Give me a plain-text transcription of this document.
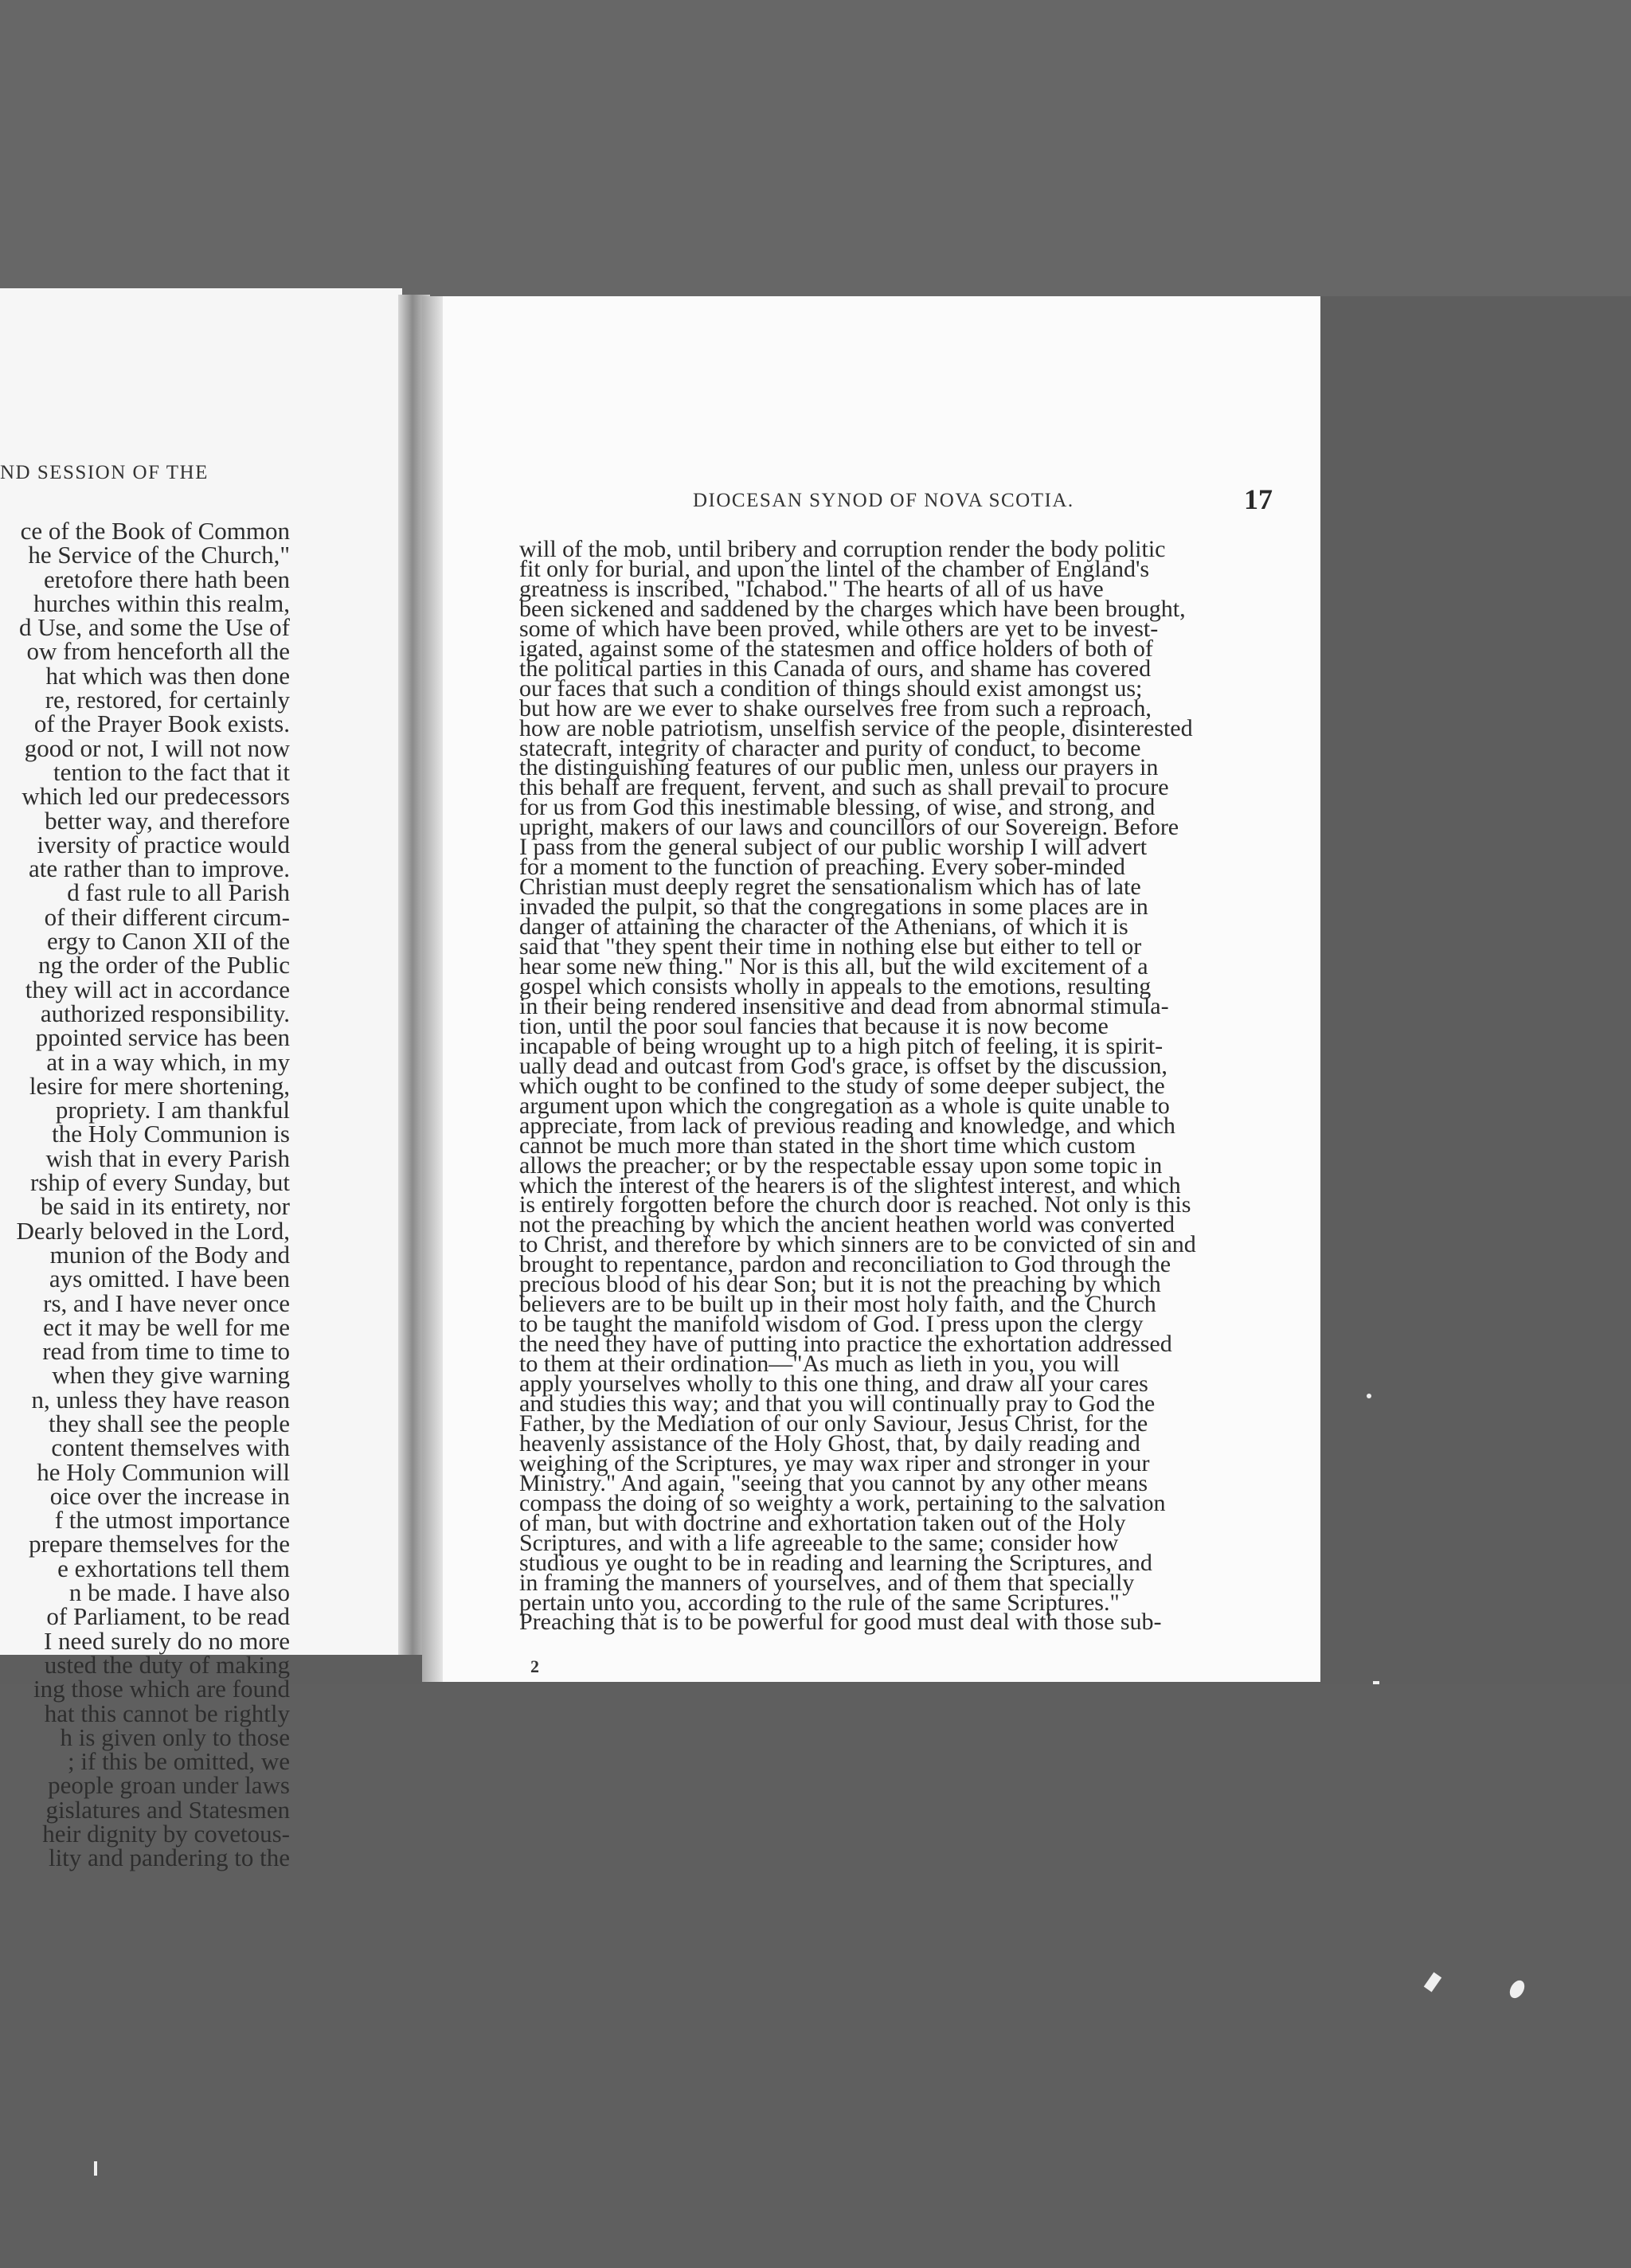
ND SESSION OF THE

ce of the Book of Common
he Service of the Church,"
eretofore there hath been
hurches within this realm,
d Use, and some the Use of
ow from henceforth all the
hat which was then done
re, restored, for certainly
of the Prayer Book exists.
good or not, I will not now
tention to the fact that it
which led our predecessors
better way, and therefore
iversity of practice would
ate rather than to improve.
d fast rule to all Parish
of their different circum-
ergy to Canon XII of the
ng the order of the Public
they will act in accordance
authorized responsibility.
ppointed service has been
at in a way which, in my
lesire for mere shortening,
propriety. I am thankful
the Holy Communion is
wish that in every Parish
rship of every Sunday, but
be said in its entirety, nor
Dearly beloved in the Lord,
munion of the Body and
ays omitted. I have been
rs, and I have never once
ect it may be well for me
read from time to time to
when they give warning
n, unless they have reason
they shall see the people
content themselves with
he Holy Communion will
oice over the increase in
f the utmost importance
prepare themselves for the
e exhortations tell them
n be made. I have also
of Parliament, to be read
I need surely do no more
usted the duty of making
ing those which are found
hat this cannot be rightly
h is given only to those
; if this be omitted, we
people groan under laws
gislatures and Statesmen
heir dignity by covetous-
lity and pandering to the

DIOCESAN SYNOD OF NOVA SCOTIA.	17

will of the mob, until bribery and corruption render the body politic
fit only for burial, and upon the lintel of the chamber of England's
greatness is inscribed, "Ichabod." The hearts of all of us have
been sickened and saddened by the charges which have been brought,
some of which have been proved, while others are yet to be invest-
igated, against some of the statesmen and office holders of both of
the political parties in this Canada of ours, and shame has covered
our faces that such a condition of things should exist amongst us;
but how are we ever to shake ourselves free from such a reproach,
how are noble patriotism, unselfish service of the people, disinterested
statecraft, integrity of character and purity of conduct, to become
the distinguishing features of our public men, unless our prayers in
this behalf are frequent, fervent, and such as shall prevail to procure
for us from God this inestimable blessing, of wise, and strong, and
upright, makers of our laws and councillors of our Sovereign. Before
I pass from the general subject of our public worship I will advert
for a moment to the function of preaching. Every sober-minded
Christian must deeply regret the sensationalism which has of late
invaded the pulpit, so that the congregations in some places are in
danger of attaining the character of the Athenians, of which it is
said that "they spent their time in nothing else but either to tell or
hear some new thing." Nor is this all, but the wild excitement of a
gospel which consists wholly in appeals to the emotions, resulting
in their being rendered insensitive and dead from abnormal stimula-
tion, until the poor soul fancies that because it is now become
incapable of being wrought up to a high pitch of feeling, it is spirit-
ually dead and outcast from God's grace, is offset by the discussion,
which ought to be confined to the study of some deeper subject, the
argument upon which the congregation as a whole is quite unable to
appreciate, from lack of previous reading and knowledge, and which
cannot be much more than stated in the short time which custom
allows the preacher; or by the respectable essay upon some topic in
which the interest of the hearers is of the slightest interest, and which
is entirely forgotten before the church door is reached. Not only is this
not the preaching by which the ancient heathen world was converted
to Christ, and therefore by which sinners are to be convicted of sin and
brought to repentance, pardon and reconciliation to God through the
precious blood of his dear Son; but it is not the preaching by which
believers are to be built up in their most holy faith, and the Church
to be taught the manifold wisdom of God. I press upon the clergy
the need they have of putting into practice the exhortation addressed
to them at their ordination—"As much as lieth in you, you will
apply yourselves wholly to this one thing, and draw all your cares
and studies this way; and that you will continually pray to God the
Father, by the Mediation of our only Saviour, Jesus Christ, for the
heavenly assistance of the Holy Ghost, that, by daily reading and
weighing of the Scriptures, ye may wax riper and stronger in your
Ministry." And again, "seeing that you cannot by any other means
compass the doing of so weighty a work, pertaining to the salvation
of man, but with doctrine and exhortation taken out of the Holy
Scriptures, and with a life agreeable to the same; consider how
studious ye ought to be in reading and learning the Scriptures, and
in framing the manners of yourselves, and of them that specially
pertain unto you, according to the rule of the same Scriptures."
Preaching that is to be powerful for good must deal with those sub-

2
